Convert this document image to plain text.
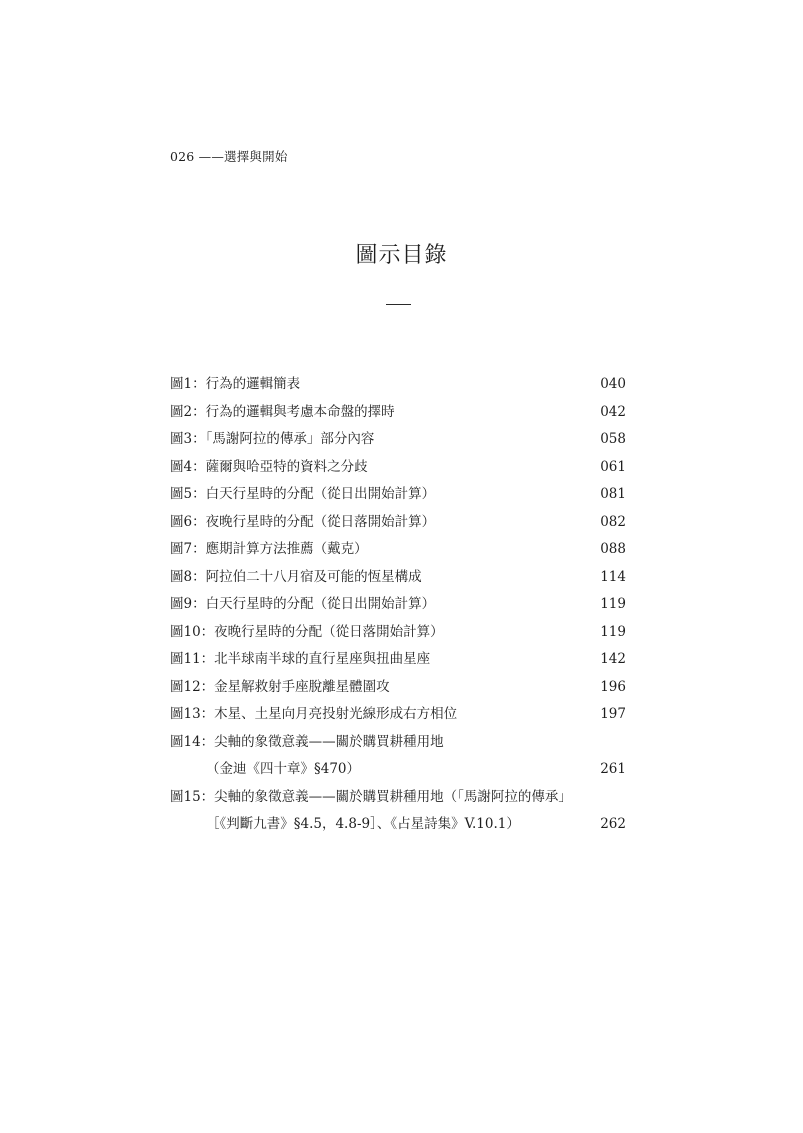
026 ——選擇與開始
圖示目錄
圖1：行為的邏輯簡表	040
圖2：行為的邏輯與考慮本命盤的擇時	042
圖3：「馬謝阿拉的傳承」部分內容	058
圖4：薩爾與哈亞特的資料之分歧	061
圖5：白天行星時的分配（從日出開始計算）	081
圖6：夜晚行星時的分配（從日落開始計算）	082
圖7：應期計算方法推薦（戴克）	088
圖8：阿拉伯二十八月宿及可能的恆星構成	114
圖9：白天行星時的分配（從日出開始計算）	119
圖10：夜晚行星時的分配（從日落開始計算）	119
圖11：北半球南半球的直行星座與扭曲星座	142
圖12：金星解救射手座脫離星體圍攻	196
圖13：木星、土星向月亮投射光線形成右方相位	197
圖14：尖軸的象徵意義——關於購買耕種用地
（金迪《四十章》§470）	261
圖15：尖軸的象徵意義——關於購買耕種用地（「馬謝阿拉的傳承」
［《判斷九書》§4.5，4.8-9］、《占星詩集》V.10.1）	262
